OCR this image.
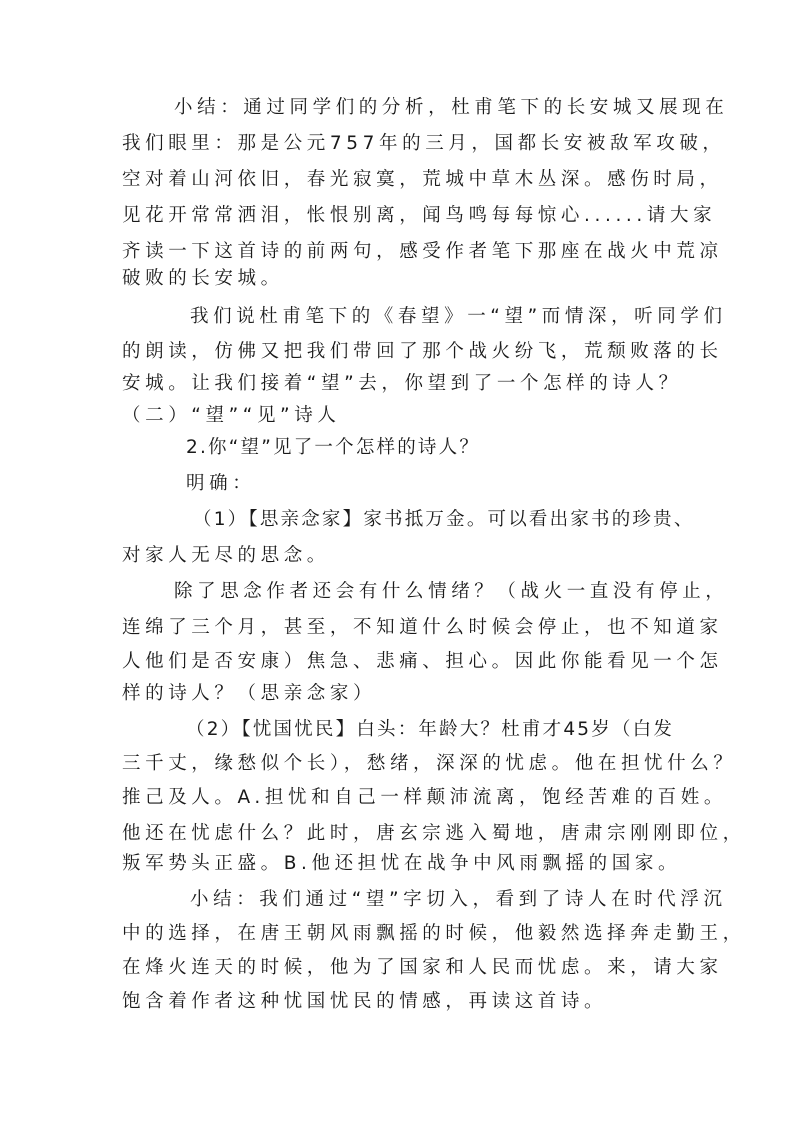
小结：通过同学们的分析，杜甫笔下的长安城又展现在
我们眼里：那是公元757年的三月，国都长安被敌军攻破，
空对着山河依旧，春光寂寞，荒城中草木丛深。感伤时局，
见花开常常洒泪，怅恨别离，闻鸟鸣每每惊心......请大家
齐读一下这首诗的前两句，感受作者笔下那座在战火中荒凉
破败的长安城。
我们说杜甫笔下的《春望》一“望”而情深，听同学们
的朗读，仿佛又把我们带回了那个战火纷飞，荒颓败落的长
安城。让我们接着“望”去，你望到了一个怎样的诗人？
（二）“望”“见”诗人
2.你“望”见了一个怎样的诗人？
明确：
（1）【思亲念家】家书抵万金。可以看出家书的珍贵、
对家人无尽的思念。
除了思念作者还会有什么情绪？（战火一直没有停止，
连绵了三个月，甚至，不知道什么时候会停止，也不知道家
人他们是否安康）焦急、悲痛、担心。因此你能看见一个怎
样的诗人？（思亲念家）
（2）【忧国忧民】白头：年龄大？杜甫才45岁（白发
三千丈，缘愁似个长），愁绪，深深的忧虑。他在担忧什么？
推己及人。A.担忧和自己一样颠沛流离，饱经苦难的百姓。
他还在忧虑什么？此时，唐玄宗逃入蜀地，唐肃宗刚刚即位，
叛军势头正盛。B.他还担忧在战争中风雨飘摇的国家。
小结：我们通过“望”字切入，看到了诗人在时代浮沉
中的选择，在唐王朝风雨飘摇的时候，他毅然选择奔走勤王，
在烽火连天的时候，他为了国家和人民而忧虑。来，请大家
饱含着作者这种忧国忧民的情感，再读这首诗。
